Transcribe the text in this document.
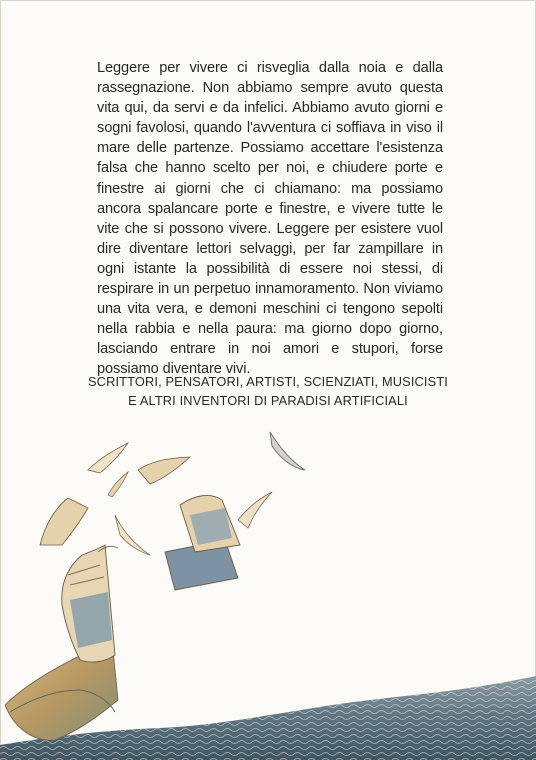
Leggere per vivere ci risveglia dalla noia e dalla rassegnazione. Non abbiamo sempre avuto questa vita qui, da servi e da infelici. Abbiamo avuto giorni e sogni favolosi, quando l'avventura ci soffiava in viso il mare delle partenze. Possiamo accettare l'esistenza falsa che hanno scelto per noi, e chiudere porte e finestre ai giorni che ci chiamano: ma possiamo ancora spalancare porte e finestre, e vivere tutte le vite che si possono vivere. Leggere per esistere vuol dire diventare lettori selvaggi, per far zampillare in ogni istante la possibilità di essere noi stessi, di respirare in un perpetuo innamoramento. Non viviamo una vita vera, e demoni meschini ci tengono sepolti nella rabbia e nella paura: ma giorno dopo giorno, lasciando entrare in noi amori e stupori, forse possiamo diventare vivi.

SCRITTORI, PENSATORI, ARTISTI, SCIENZIATI, MUSICISTI
E ALTRI INVENTORI DI PARADISI ARTIFICIALI
